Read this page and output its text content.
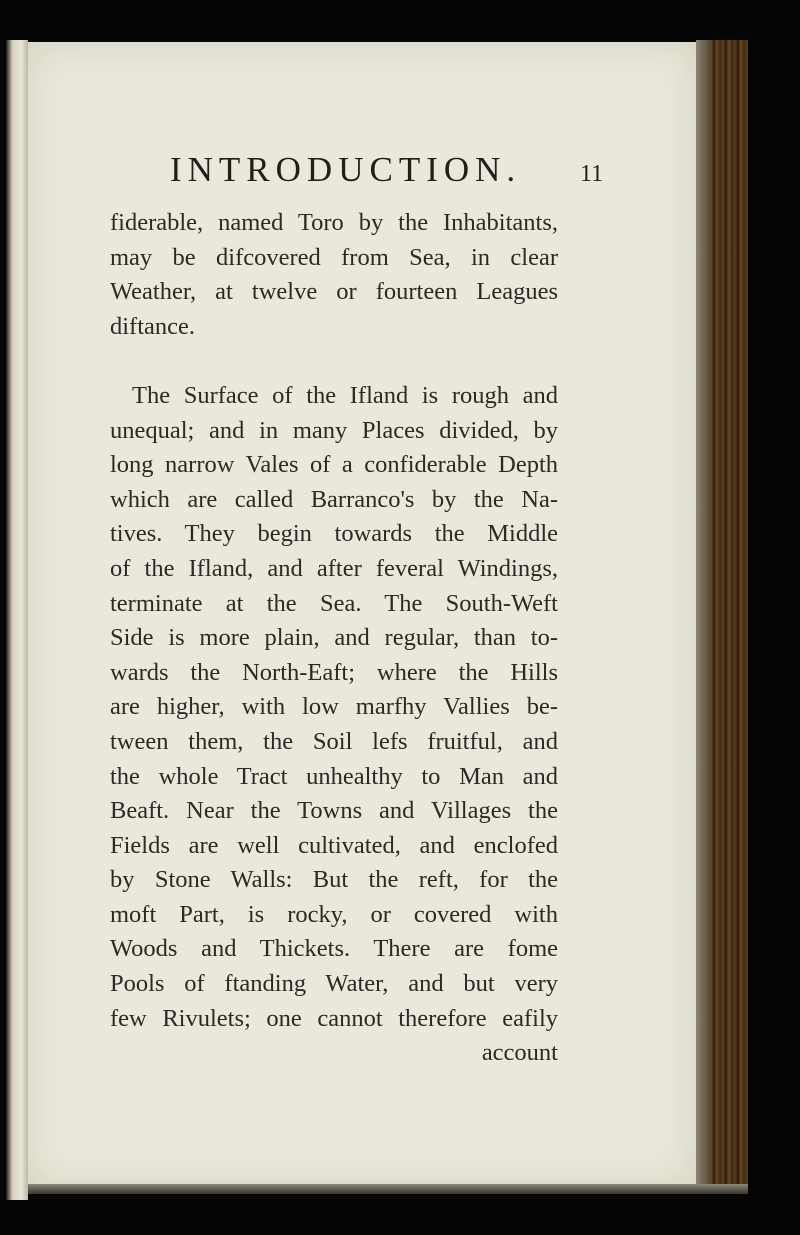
INTRODUCTION. 11
fiderable, named Toro by the Inhabitants,
may be difcovered from Sea, in clear
Weather, at twelve or fourteen Leagues
diftance.
The Surface of the Ifland is rough and
unequal; and in many Places divided, by
long narrow Vales of a confiderable Depth
which are called Barranco's by the Na-
tives. They begin towards the Middle
of the Ifland, and after feveral Windings,
terminate at the Sea. The South-Weft
Side is more plain, and regular, than to-
wards the North-Eaft; where the Hills
are higher, with low marfhy Vallies be-
tween them, the Soil lefs fruitful, and
the whole Tract unhealthy to Man and
Beaft. Near the Towns and Villages the
Fields are well cultivated, and enclofed
by Stone Walls: But the reft, for the
moft Part, is rocky, or covered with
Woods and Thickets. There are fome
Pools of ftanding Water, and but very
few Rivulets; one cannot therefore eafily
account
